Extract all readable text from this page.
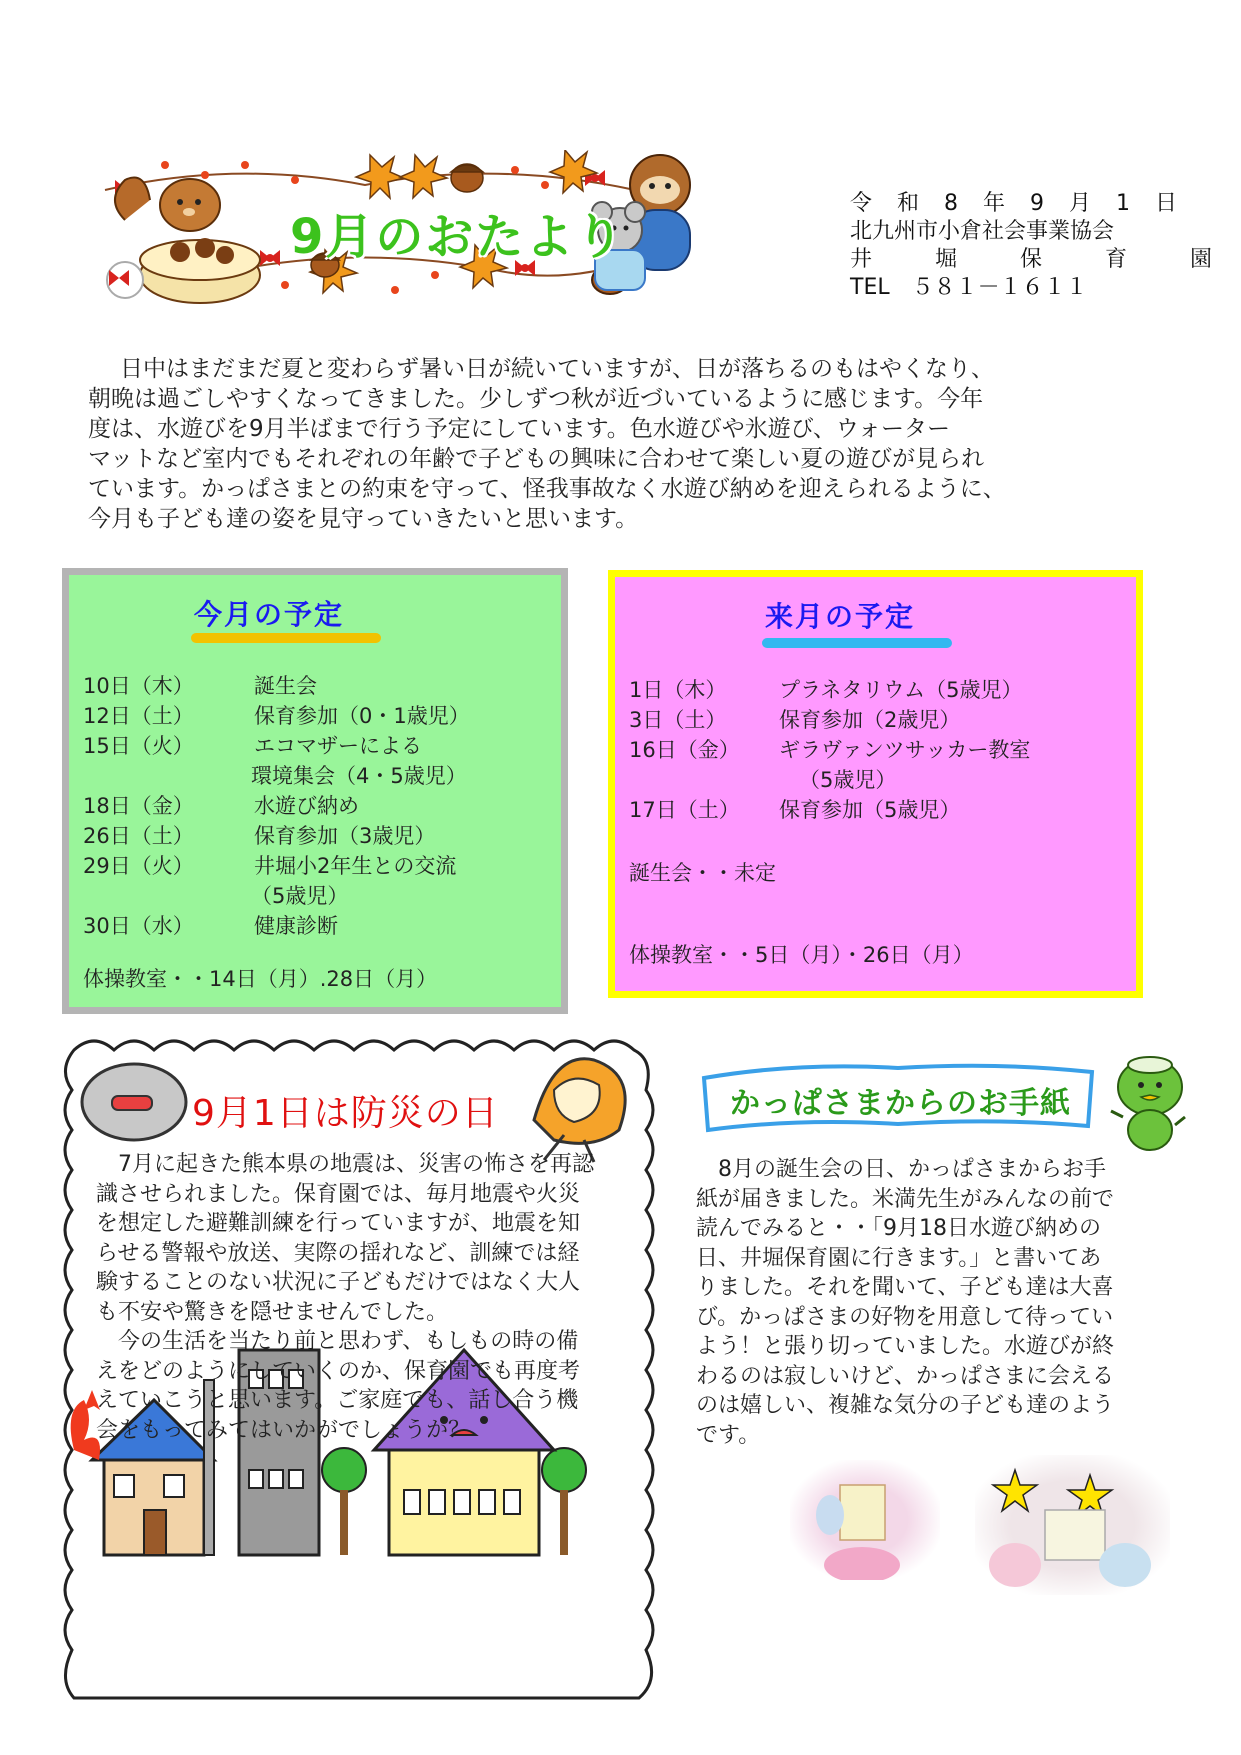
9月のおたより
令 和 8 年 9 月 1 日
北九州市小倉社会事業協会
井 堀 保 育 園
TEL　５８１－１６１１

日中はまだまだ夏と変わらず暑い日が続いていますが、日が落ちるのもはやくなり、

朝晩は過ごしやすくなってきました。少しずつ秋が近づいているように感じます。今年

度は、水遊びを9月半ばまで行う予定にしています。色水遊びや氷遊び、ウォーター

マットなど室内でもそれぞれの年齢で子どもの興味に合わせて楽しい夏の遊びが見られ

ています。かっぱさまとの約束を守って、怪我事故なく水遊び納めを迎えられるように、

今月も子ども達の姿を見守っていきたいと思います。

今月の予定
10日（木）	誕生会
12日（土）	保育参加（0・1歳児）
15日（火）	エコマザーによる
環境集会（4・5歳児）
18日（金）	水遊び納め
26日（土）	保育参加（3歳児）
29日（火）	井堀小2年生との交流
（5歳児）
30日（水）	健康診断
体操教室・・14日（月）.28日（月）
来月の予定
1日（木）	プラネタリウム（5歳児）
3日（土）	保育参加（2歳児）
16日（金）	ギラヴァンツサッカー教室
（5歳児）
17日（土）	保育参加（5歳児）
誕生会・・未定
体操教室・・5日（月）・26日（月）
9月1日は防災の日

　7月に起きた熊本県の地震は、災害の怖さを再認

識させられました。保育園では、毎月地震や火災

を想定した避難訓練を行っていますが、地震を知

らせる警報や放送、実際の揺れなど、訓練では経

験することのない状況に子どもだけではなく大人

も不安や驚きを隠せませんでした。

　今の生活を当たり前と思わず、もしもの時の備

えをどのようにしていくのか、保育園でも再度考

えていこうと思います。ご家庭でも、話し合う機

会をもってみてはいかがでしょうか？

かっぱさまからのお手紙

　8月の誕生会の日、かっぱさまからお手

紙が届きました。米満先生がみんなの前で

読んでみると・・「9月18日水遊び納めの

日、井堀保育園に行きます。」と書いてあ

りました。それを聞いて、子ども達は大喜

び。かっぱさまの好物を用意して待ってい

よう！と張り切っていました。水遊びが終

わるのは寂しいけど、かっぱさまに会える

のは嬉しい、複雑な気分の子ども達のよう

です。
